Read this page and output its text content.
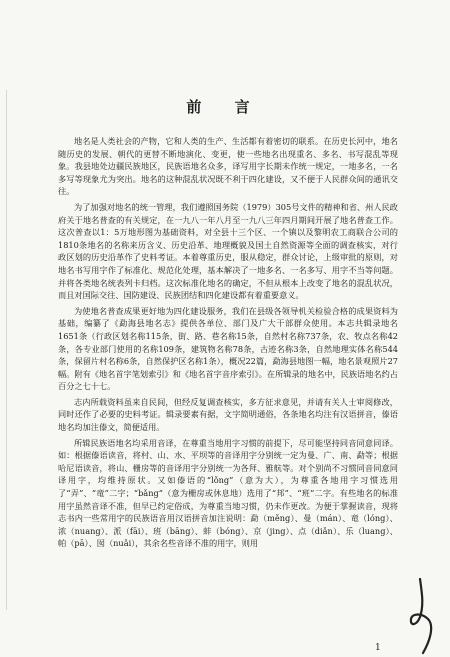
前 言

地名是人类社会的产物，它和人类的生产、生活都有着密切的联系。在历史长河中，地名随历史的发展、朝代的更替不断地演化、变更，使一些地名出现重名、多名、书写混乱等现象。我县地处边疆民族地区，民族语地名众多，译写用字长期未作统一规定，一地多名，一名多写等现象尤为突出。地名的这种混乱状况既不利于四化建设，又不便于人民群众间的通讯交往。

为了加强对地名的统一管理，我们遵照国务院（1979）305号文件的精神和省、州人民政府关于地名普查的有关规定，在一九八一年八月至一九八三年四月期间开展了地名普查工作。这次普查以1：5万地形图为基础资料，对全县十三个区、一个镇以及黎明农工商联合公司的1810条地名的名称来历含义、历史沿革、地理概貌及国土自然资源等全面的调查核实，对行政区划的历史沿革作了史料考证。本着尊重历史，服从稳定，群众讨论，上级审批的原则，对地名书写用字作了标准化、规范化处理，基本解决了一地多名、一名多写、用字不当等问题。并将各类地名统表列卡归档。这次标准化地名的确定，不但从根本上改变了地名的混乱状况，而且对国际交往、国防建设、民族团结和四化建设都有着重要意义。

为使地名普查成果更好地为四化建设服务，我们在县级各领导机关检验合格的成果资料为基础，编纂了《勐海县地名志》提供各单位、部门及广大干部群众使用。本志共辑录地名1651条（行政区划名称115条，街、路、巷名称15条，自然村名称737条，农、牧点名称42条，各专业部门使用的名称109条，建筑物名称78条，古迹名称3条，自然地理实体名称544条，保留片村名称6条，自然保护区名称1条），概况22篇，勐海县地图一幅，地名景观照片27幅。附有《地名首字笔划索引》和《地名首字音序索引》。在所辑录的地名中，民族语地名约占百分之七十七。

志内所载资料虽来自民间，但经反复调查核实，多方征求意见，并请有关人士审阅修改，同时还作了必要的史料考证。辑录要素有据，文字简明通俗，各条地名均注有汉语拼音，傣语地名均加注傣文，简便适用。

所辑民族语地名均采用音译，在尊重当地用字习惯的前提下，尽可能坚持同音同意同译。如：根据傣语读音，将村、山、水、平坝等的音译用字分别统一定为曼、广、南、勐等；根据哈尼语读音，将山、栅房等的音译用字分别统一为各拜、雅航等。对个别尚不习惯同音同意同译用字，均维持原状。又如傣语的“lǒng”（意为大），为尊重各地用字习惯选用了“弄”、“竜”二字；“bǎng”（意为栅房或休息地）选用了“邦”、“班”二字。有些地名的标准用字虽然音译不准，但早已约定俗成，为尊重当地习惯，仍未作更改。为便于掌握读音，现将志书内一些常用字的民族语音用汉语拼音加注说明：勐（měng）、曼（mán）、竜（lóng）、浓（nuang）、派（fāi）、班（bāng）、蚌（bóng）、京（jing）、点（diǎn）、乐（luang）、帕（pā）、囡（nuǎi），其余名些音译不准的用字，则用

1
